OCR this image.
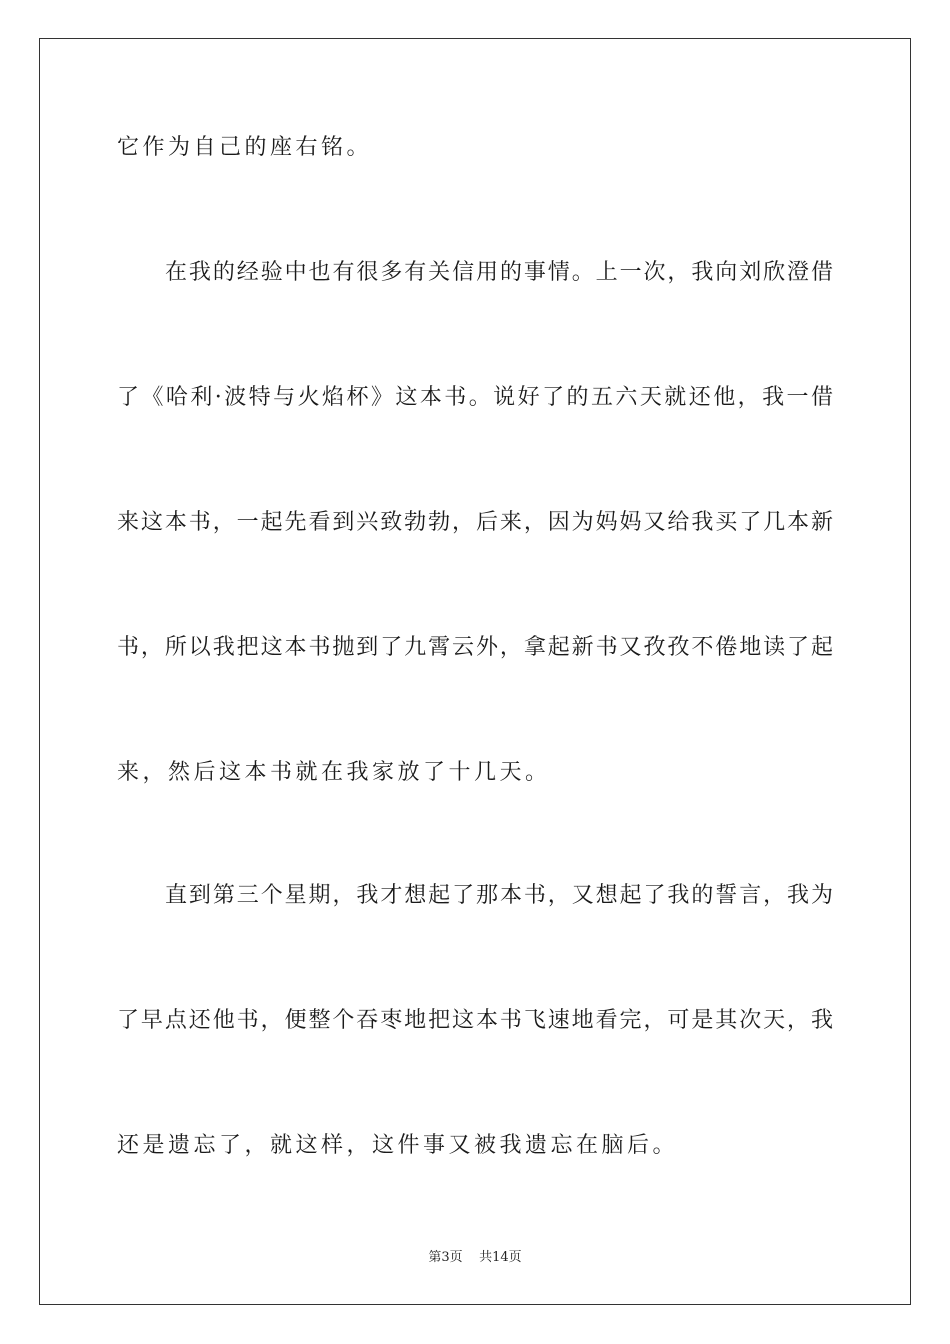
它作为自己的座右铭。
在我的经验中也有很多有关信用的事情。上一次，我向刘欣澄借
了《哈利·波特与火焰杯》这本书。说好了的五六天就还他，我一借
来这本书，一起先看到兴致勃勃，后来，因为妈妈又给我买了几本新
书，所以我把这本书抛到了九霄云外，拿起新书又孜孜不倦地读了起
来，然后这本书就在我家放了十几天。
直到第三个星期，我才想起了那本书，又想起了我的誓言，我为
了早点还他书，便整个吞枣地把这本书飞速地看完，可是其次天，我
还是遗忘了，就这样，这件事又被我遗忘在脑后。
第3页 共14页
